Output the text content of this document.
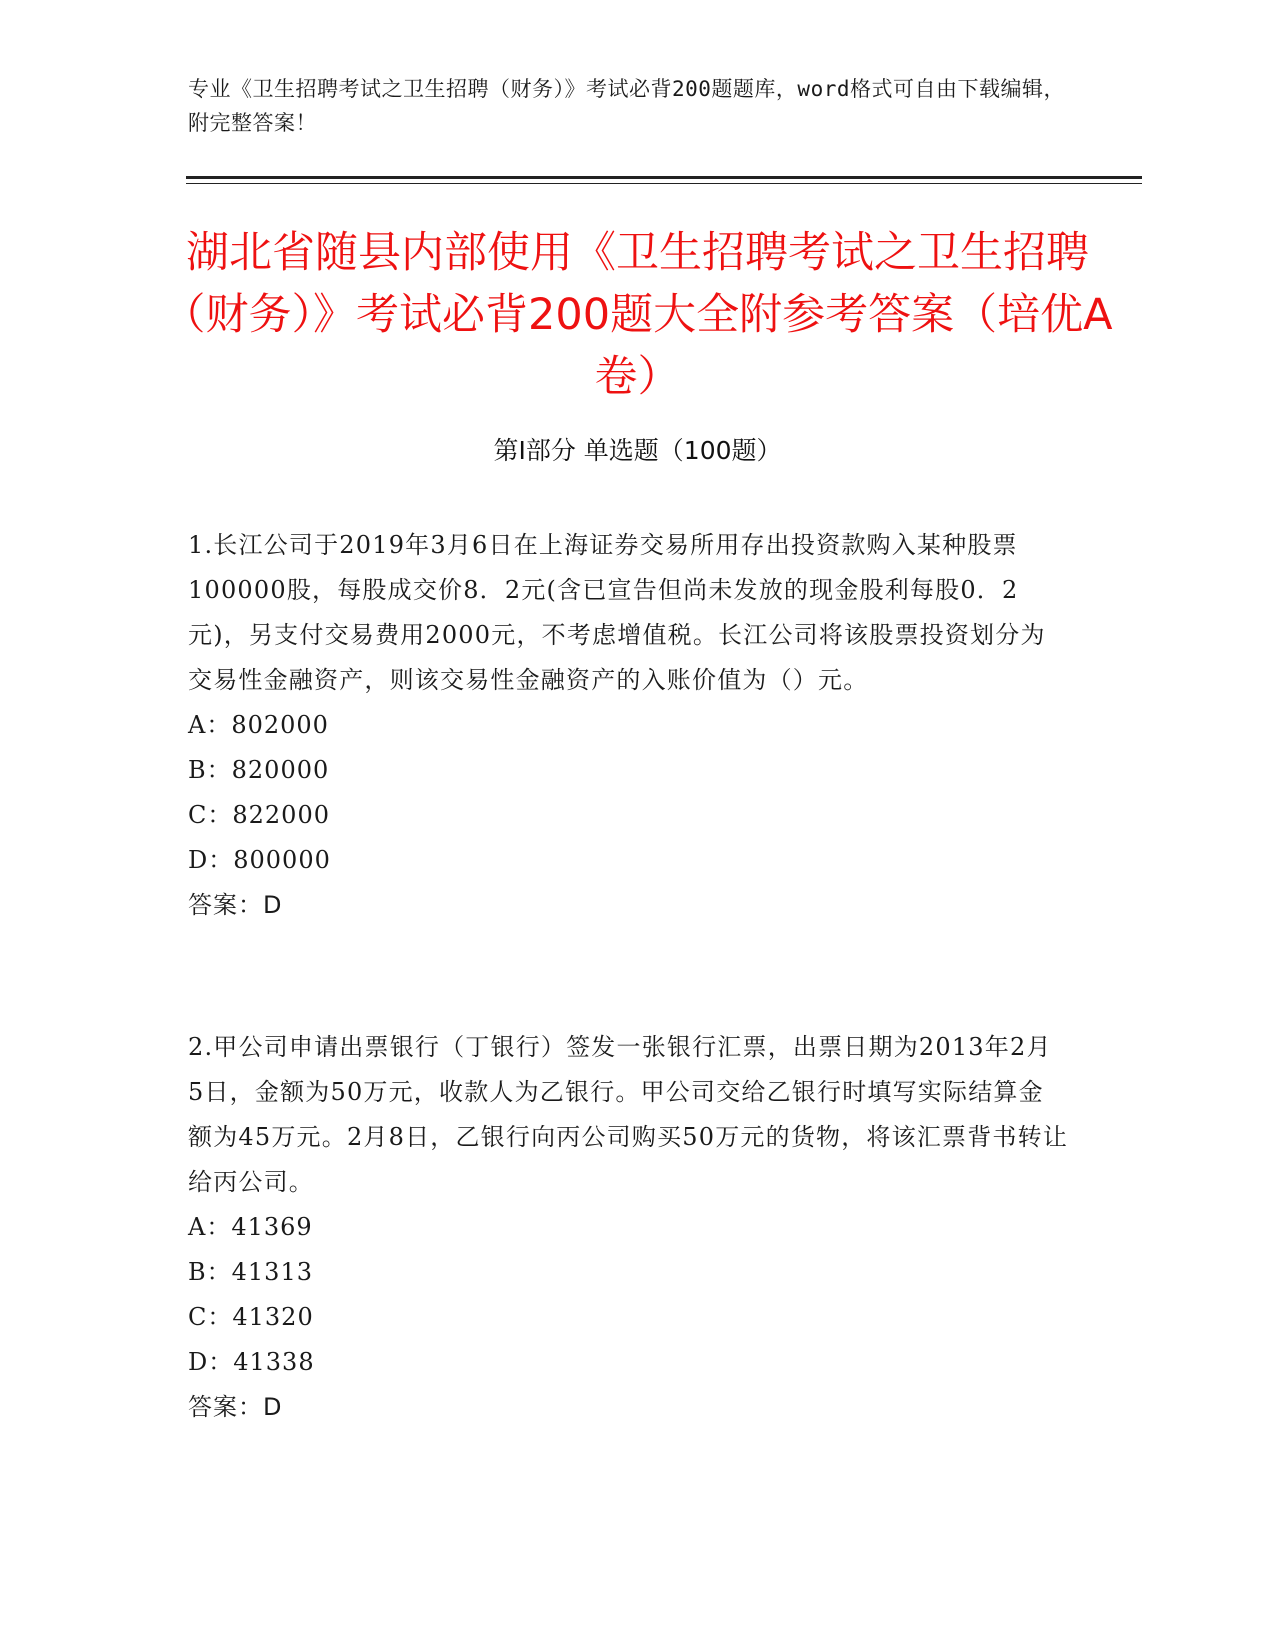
专业《卫生招聘考试之卫生招聘（财务）》考试必背200题题库，word格式可自由下载编辑，附完整答案！
湖北省随县内部使用《卫生招聘考试之卫生招聘（财务）》考试必背200题大全附参考答案（培优A卷）
第Ⅰ部分 单选题（100题）
1.长江公司于2019年3月6日在上海证券交易所用存出投资款购入某种股票100000股，每股成交价8．2元(含已宣告但尚未发放的现金股利每股0．2元)，另支付交易费用2000元，不考虑增值税。长江公司将该股票投资划分为交易性金融资产，则该交易性金融资产的入账价值为（）元。
A：802000
B：820000
C：822000
D：800000
答案：D
2.甲公司申请出票银行（丁银行）签发一张银行汇票，出票日期为2013年2月5日，金额为50万元，收款人为乙银行。甲公司交给乙银行时填写实际结算金额为45万元。2月8日，乙银行向丙公司购买50万元的货物，将该汇票背书转让给丙公司。
A：41369
B：41313
C：41320
D：41338
答案：D
